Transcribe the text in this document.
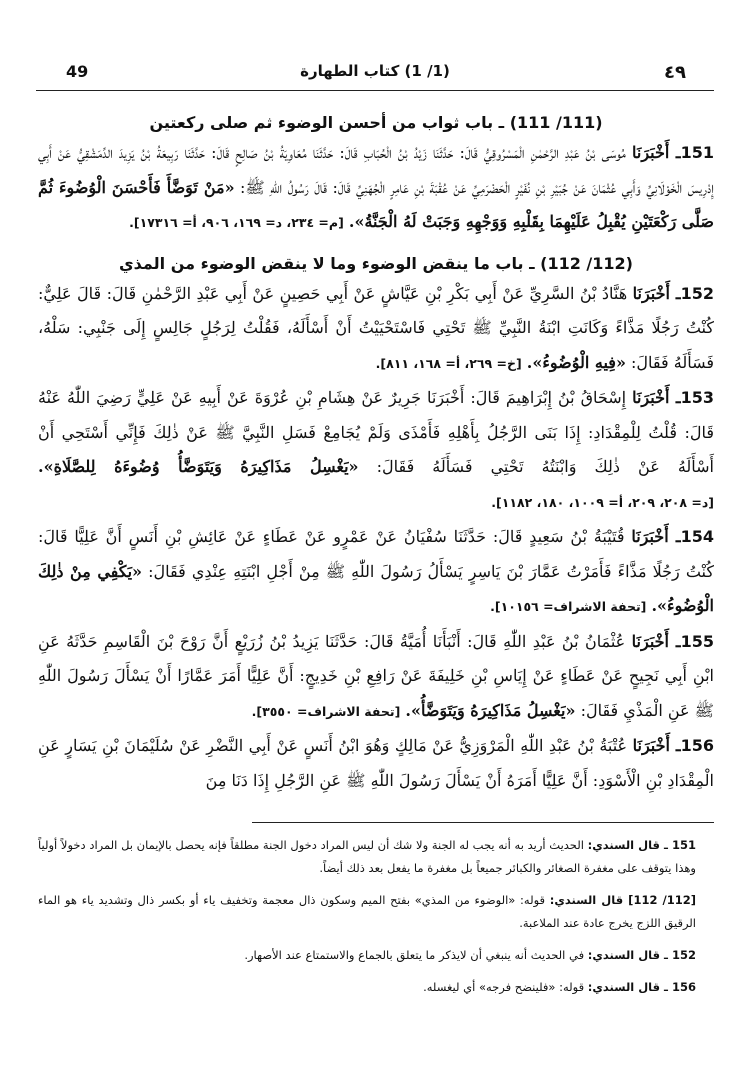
49	(1/ 1) كتاب الطهارة	٤٩

(111/ 111) ـ باب ثواب من أحسن الوضوء ثم صلى ركعتين

151ـ أَخْبَرَنَا مُوسَى بْنُ عَبْدِ الرَّحْمٰنِ الْمَسْرُوقِيُّ قَالَ: حَدَّثَنَا زَيْدُ بْنُ الْحُبَابِ قَالَ: حَدَّثَنَا مُعَاوِيَةُ بْنُ صَالِحٍ قَالَ: حَدَّثَنَا رَبِيعَةُ بْنُ يَزِيدَ الدِّمَشْقِيُّ عَنْ أَبِي إِدْرِيسَ الْخَوْلَانِيِّ وَأَبِي عُثْمَانَ عَنْ جُبَيْرِ بْنِ نُفَيْرٍ الْحَضْرَمِيِّ عَنْ عُقْبَةَ بْنِ عَامِرٍ الْجُهَنِيِّ قَالَ: قَالَ رَسُولُ اللّٰهِ ﷺ: «مَنْ تَوَضَّأَ فَأَحْسَنَ الْوُضُوءَ ثُمَّ صَلَّى رَكْعَتَيْنِ يُقْبِلُ عَلَيْهِمَا بِقَلْبِهِ وَوَجْهِهِ وَجَبَتْ لَهُ الْجَنَّةُ». [م= ٢٣٤، د= ١٦٩، ٩٠٦، أ= ١٧٣١٦].

(112/ 112) ـ باب ما ينقض الوضوء وما لا ينقض الوضوء من المذي

152ـ أَخْبَرَنَا هَنَّادُ بْنُ السَّرِيِّ عَنْ أَبِي بَكْرِ بْنِ عَيَّاشٍ عَنْ أَبِي حَصِينٍ عَنْ أَبِي عَبْدِ الرَّحْمٰنِ قَالَ: قَالَ عَلِيٌّ: كُنْتُ رَجُلًا مَذَّاءً وَكَانَتِ ابْنَةُ النَّبِيِّ ﷺ تَحْتِي فَاسْتَحْيَيْتُ أَنْ أَسْأَلَهُ، فَقُلْتُ لِرَجُلٍ جَالِسٍ إِلَى جَنْبِي: سَلْهُ، فَسَأَلَهُ فَقَالَ: «فِيهِ الْوُضُوءُ». [خ= ٢٦٩، أ= ١٦٨، ٨١١].

153ـ أَخْبَرَنَا إِسْحَاقُ بْنُ إِبْرَاهِيمَ قَالَ: أَخْبَرَنَا جَرِيرٌ عَنْ هِشَامِ بْنِ عُرْوَةَ عَنْ أَبِيهِ عَنْ عَلِيٍّ رَضِيَ اللّٰهُ عَنْهُ قَالَ: قُلْتُ لِلْمِقْدَادِ: إِذَا بَنَى الرَّجُلُ بِأَهْلِهِ فَأَمْذَى وَلَمْ يُجَامِعْ فَسَلِ النَّبِيَّ ﷺ عَنْ ذٰلِكَ فَإِنِّي أَسْتَحِي أَنْ أَسْأَلَهُ عَنْ ذٰلِكَ وَابْنَتُهُ تَحْتِي فَسَأَلَهُ فَقَالَ: «يَغْسِلُ مَذَاكِيرَهُ وَيَتَوَضَّأُ وُضُوءَهُ لِلصَّلَاةِ». [د= ٢٠٨، ٢٠٩، أ= ١٠٠٩، ١٨٠، ١١٨٢].

154ـ أَخْبَرَنَا قُتَيْبَةُ بْنُ سَعِيدٍ قَالَ: حَدَّثَنَا سُفْيَانُ عَنْ عَمْرٍو عَنْ عَطَاءٍ عَنْ عَائِشِ بْنِ أَنَسٍ أَنَّ عَلِيًّا قَالَ: كُنْتُ رَجُلًا مَذَّاءً فَأَمَرْتُ عَمَّارَ بْنَ يَاسِرٍ يَسْأَلُ رَسُولَ اللّٰهِ ﷺ مِنْ أَجْلِ ابْنَتِهِ عِنْدِي فَقَالَ: «يَكْفِي مِنْ ذٰلِكَ الْوُضُوءُ». [تحفة الاشراف= ١٠١٥٦].

155ـ أَخْبَرَنَا عُثْمَانُ بْنُ عَبْدِ اللّٰهِ قَالَ: أَنْبَأَنَا أُمَيَّةُ قَالَ: حَدَّثَنَا يَزِيدُ بْنُ زُرَيْعٍ أَنَّ رَوْحَ بْنَ الْقَاسِمِ حَدَّثَهُ عَنِ ابْنِ أَبِي نَجِيحٍ عَنْ عَطَاءٍ عَنْ إِيَاسِ بْنِ خَلِيفَةَ عَنْ رَافِعِ بْنِ خَدِيجٍ: أَنَّ عَلِيًّا أَمَرَ عَمَّارًا أَنْ يَسْأَلَ رَسُولَ اللّٰهِ ﷺ عَنِ الْمَذْيِ فَقَالَ: «يَغْسِلُ مَذَاكِيرَهُ وَيَتَوَضَّأُ». [تحفة الاشراف= ٣٥٥٠].

156ـ أَخْبَرَنَا عُتْبَةُ بْنُ عَبْدِ اللّٰهِ الْمَرْوَزِيُّ عَنْ مَالِكٍ وَهُوَ ابْنُ أَنَسٍ عَنْ أَبِي النَّضْرِ عَنْ سُلَيْمَانَ بْنِ يَسَارٍ عَنِ الْمِقْدَادِ بْنِ الْأَسْوَدِ: أَنَّ عَلِيًّا أَمَرَهُ أَنْ يَسْأَلَ رَسُولَ اللّٰهِ ﷺ عَنِ الرَّجُلِ إِذَا دَنَا مِنَ

151 ـ قال السندي: الحديث أريد به أنه يجب له الجنة ولا شك أن ليس المراد دخول الجنة مطلقاً فإنه يحصل بالإيمان بل المراد دخولاً أولياً وهذا يتوقف على مغفرة الصغائر والكبائر جميعاً بل مغفرة ما يفعل بعد ذلك أيضاً.

[112/ 112] قال السندي: قوله: «الوضوء من المذي» بفتح الميم وسكون ذال معجمة وتخفيف ياء أو بكسر ذال وتشديد ياء هو الماء الرقيق اللزج يخرج عادة عند الملاعبة.

152 ـ قال السندي: في الحديث أنه ينبغي أن لايذكر ما يتعلق بالجماع والاستمتاع عند الأصهار.

156 ـ قال السندي: قوله: «فلينضح فرجه» أي ليغسله.
